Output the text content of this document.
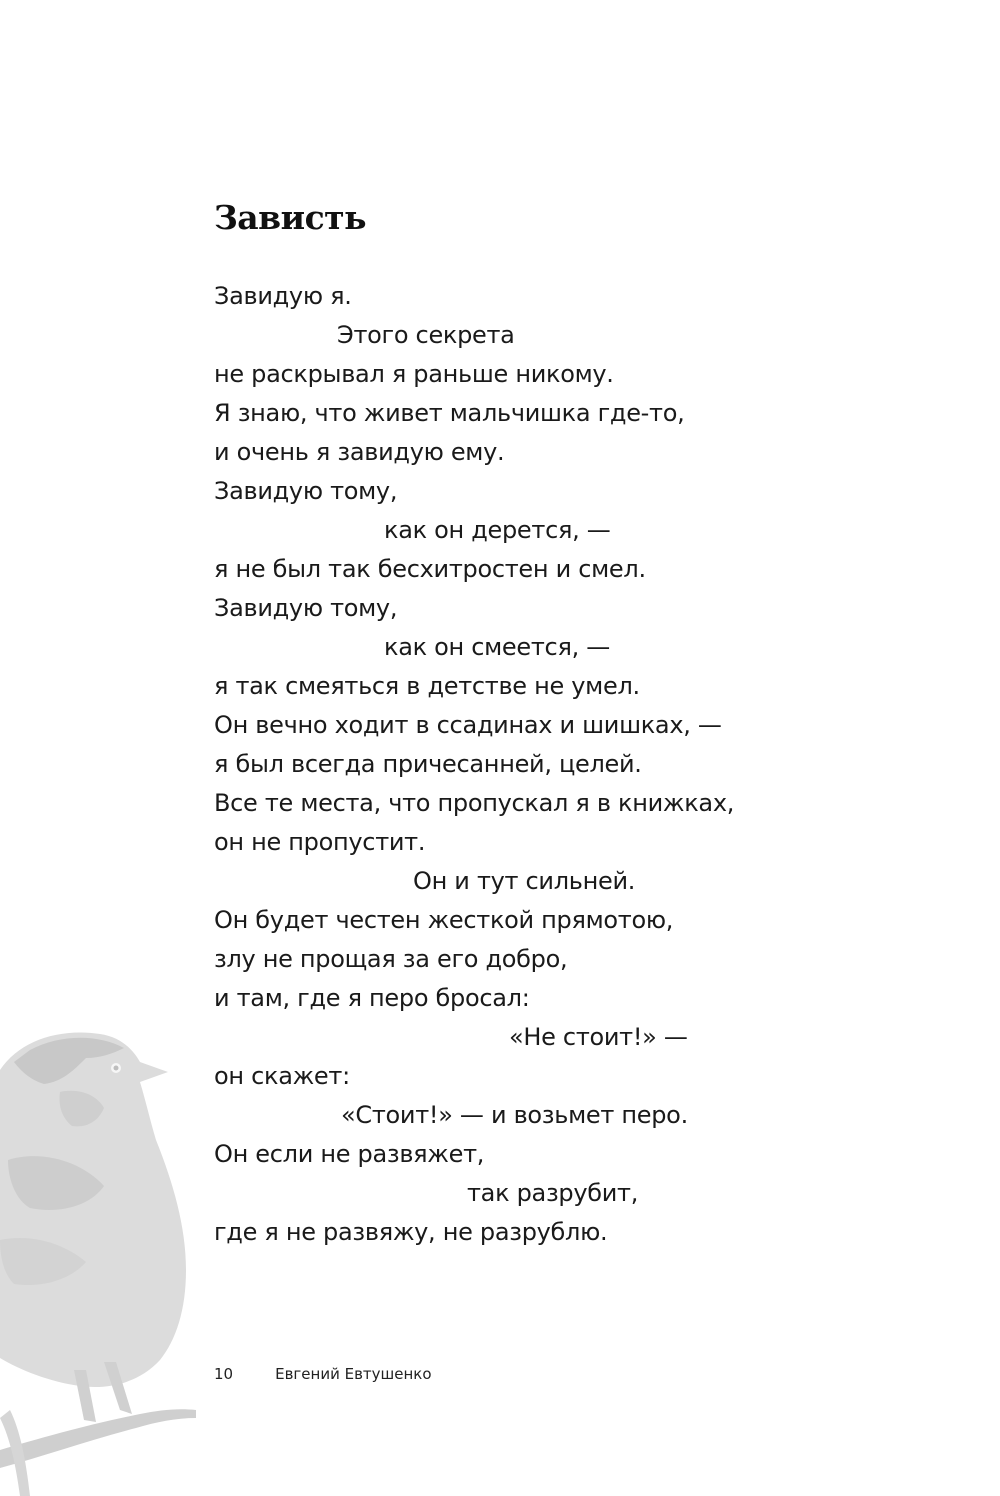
Зависть
Завидую я.
Этого секрета
не раскрывал я раньше никому.
Я знаю, что живет мальчишка где-то,
и очень я завидую ему.
Завидую тому,
как он дерется, —
я не был так бесхитростен и смел.
Завидую тому,
как он смеется, —
я так смеяться в детстве не умел.
Он вечно ходит в ссадинах и шишках, —
я был всегда причесанней, целей.
Все те места, что пропускал я в книжках,
он не пропустит.
Он и тут сильней.
Он будет честен жесткой прямотою,
злу не прощая за его добро,
и там, где я перо бросал:
«Не стоит!» —
он скажет:
«Стоит!» — и возьмет перо.
Он если не развяжет,
так разрубит,
где я не развяжу, не разрублю.
10	Евгений Евтушенко
